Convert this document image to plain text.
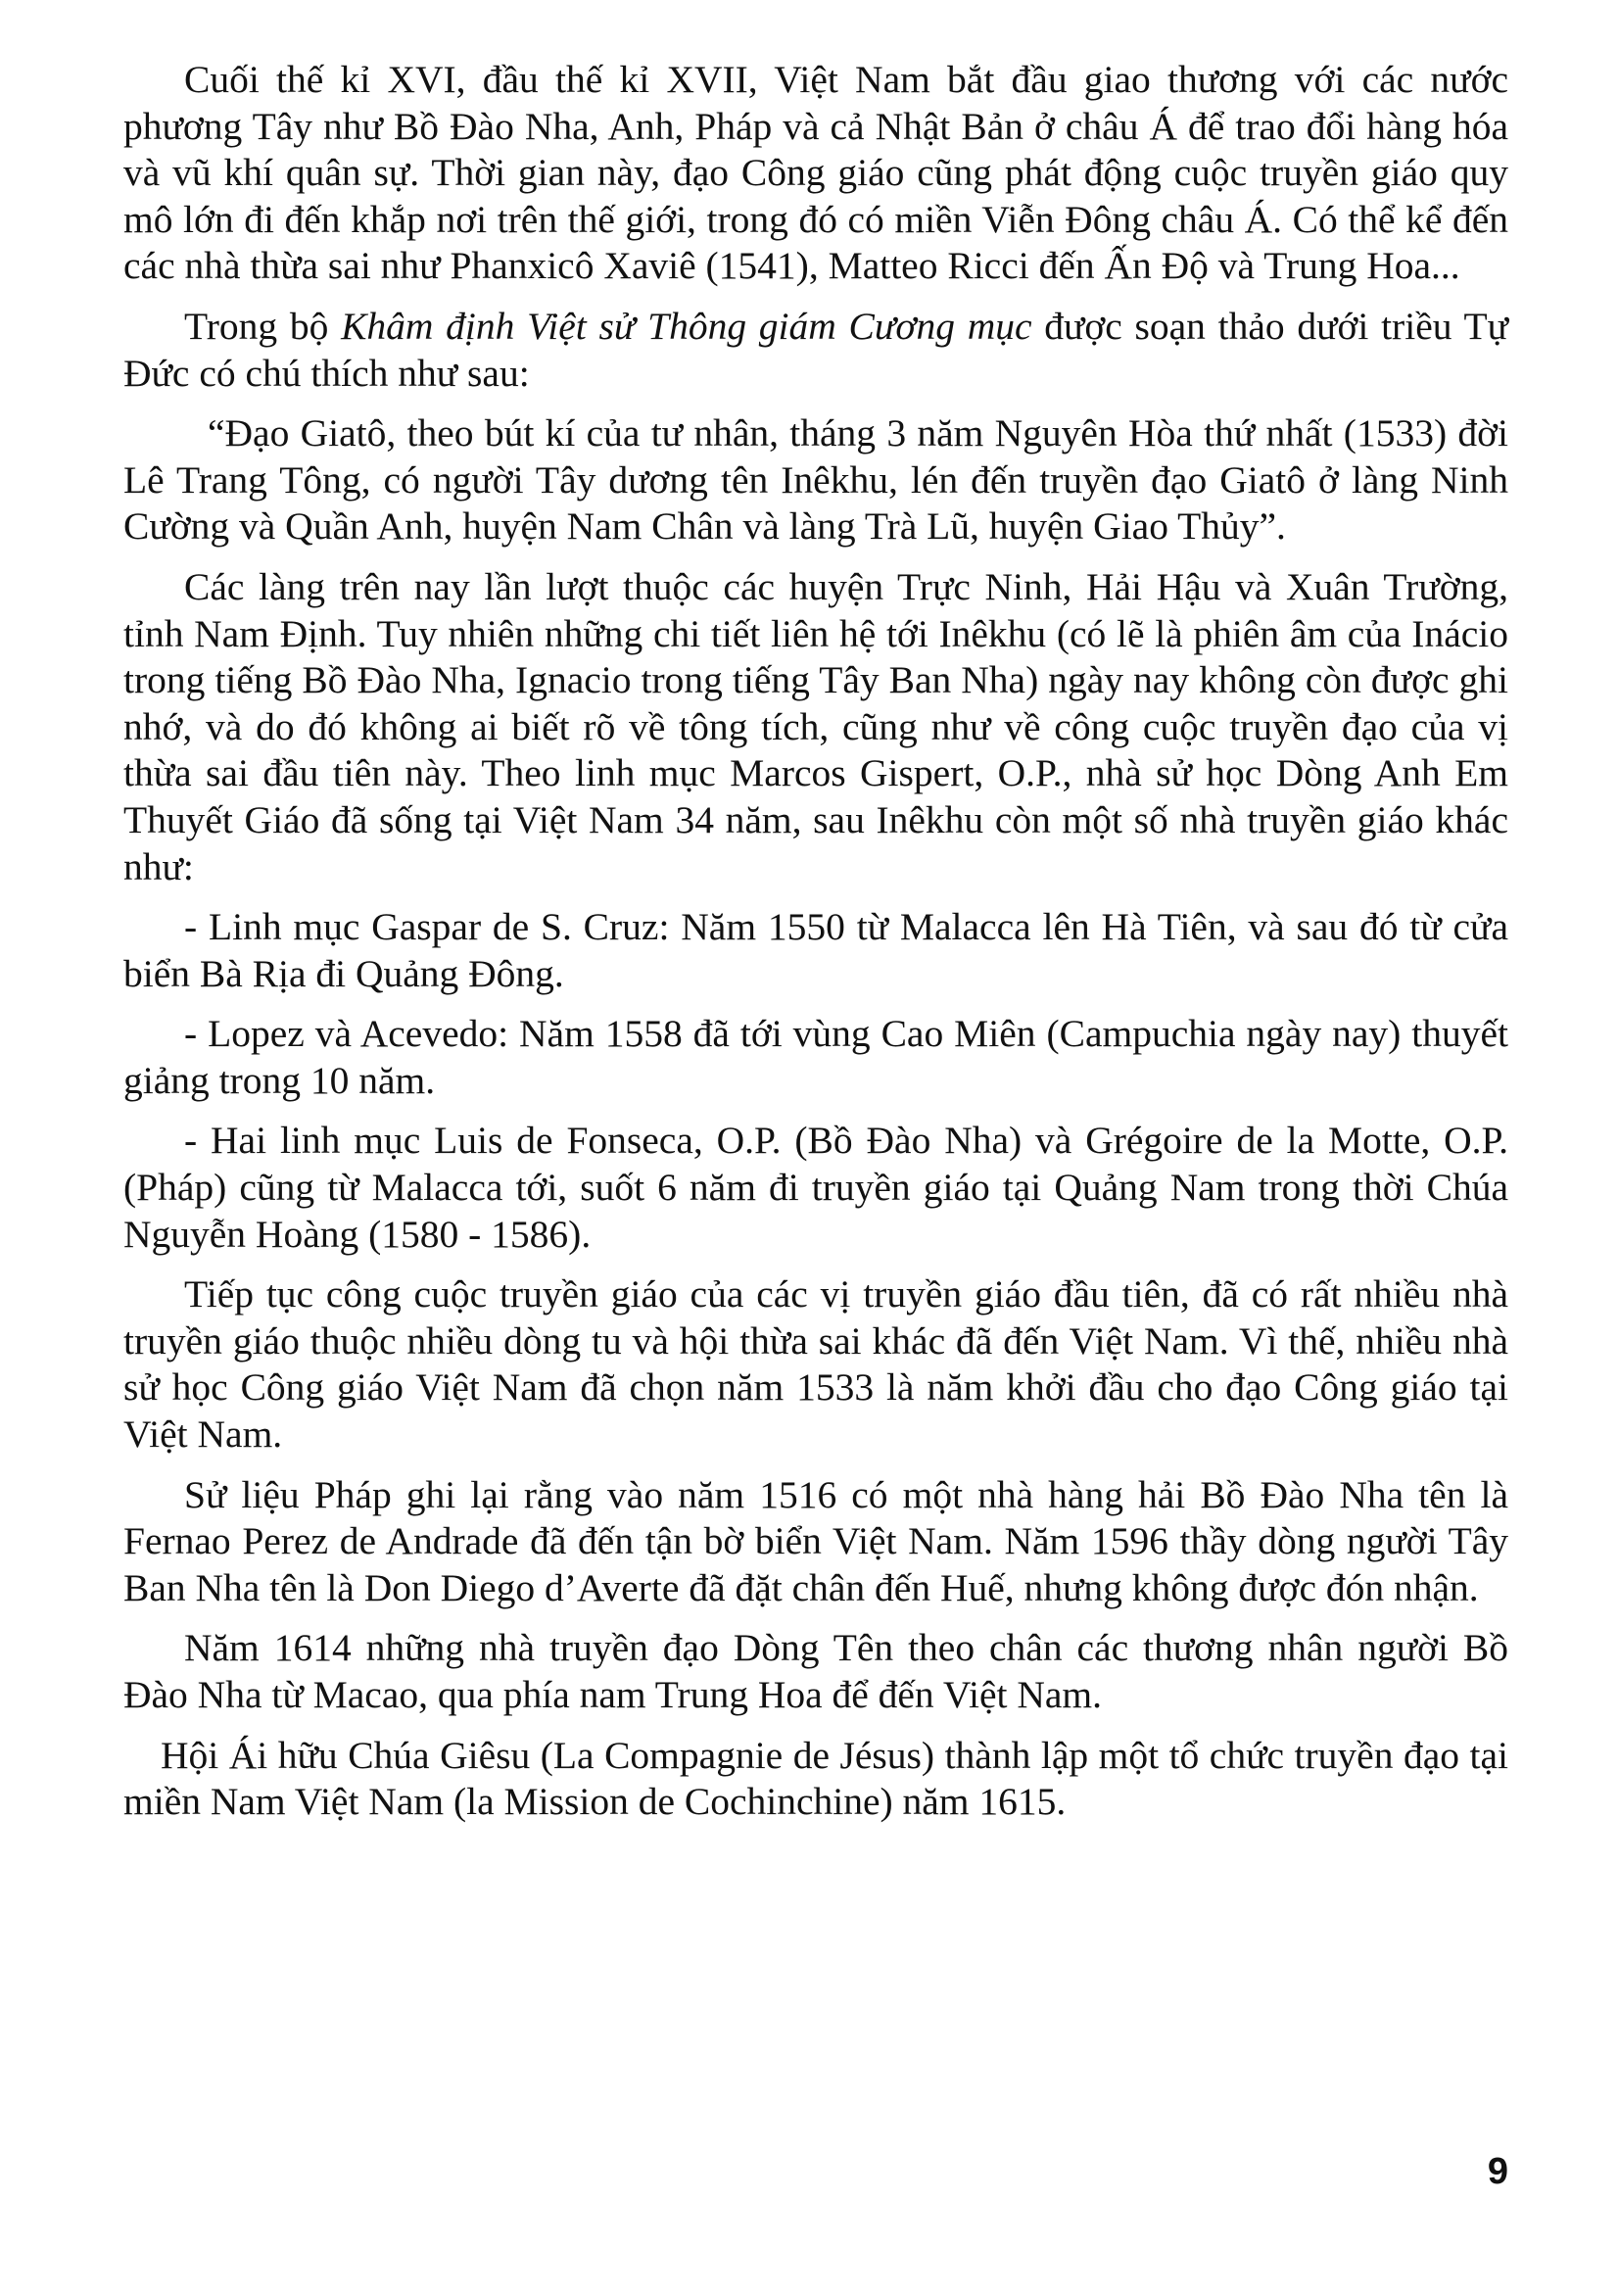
Cuối thế kỉ XVI, đầu thế kỉ XVII, Việt Nam bắt đầu giao thương với các nước phương Tây như Bồ Đào Nha, Anh, Pháp và cả Nhật Bản ở châu Á để trao đổi hàng hóa và vũ khí quân sự. Thời gian này, đạo Công giáo cũng phát động cuộc truyền giáo quy mô lớn đi đến khắp nơi trên thế giới, trong đó có miền Viễn Đông châu Á. Có thể kể đến các nhà thừa sai như Phanxicô Xaviê (1541), Matteo Ricci đến Ấn Độ và Trung Hoa...

Trong bộ Khâm định Việt sử Thông giám Cương mục được soạn thảo dưới triều Tự Đức có chú thích như sau:

“Đạo Giatô, theo bút kí của tư nhân, tháng 3 năm Nguyên Hòa thứ nhất (1533) đời Lê Trang Tông, có người Tây dương tên Inêkhu, lén đến truyền đạo Giatô ở làng Ninh Cường và Quần Anh, huyện Nam Chân và làng Trà Lũ, huyện Giao Thủy”.

Các làng trên nay lần lượt thuộc các huyện Trực Ninh, Hải Hậu và Xuân Trường, tỉnh Nam Định. Tuy nhiên những chi tiết liên hệ tới Inêkhu (có lẽ là phiên âm của Inácio trong tiếng Bồ Đào Nha, Ignacio trong tiếng Tây Ban Nha) ngày nay không còn được ghi nhớ, và do đó không ai biết rõ về tông tích, cũng như về công cuộc truyền đạo của vị thừa sai đầu tiên này. Theo linh mục Marcos Gispert, O.P., nhà sử học Dòng Anh Em Thuyết Giáo đã sống tại Việt Nam 34 năm, sau Inêkhu còn một số nhà truyền giáo khác như:

- Linh mục Gaspar de S. Cruz: Năm 1550 từ Malacca lên Hà Tiên, và sau đó từ cửa biển Bà Rịa đi Quảng Đông.

- Lopez và Acevedo: Năm 1558 đã tới vùng Cao Miên (Campuchia ngày nay) thuyết giảng trong 10 năm.

- Hai linh mục Luis de Fonseca, O.P. (Bồ Đào Nha) và Grégoire de la Motte, O.P. (Pháp) cũng từ Malacca tới, suốt 6 năm đi truyền giáo tại Quảng Nam trong thời Chúa Nguyễn Hoàng (1580 - 1586).

Tiếp tục công cuộc truyền giáo của các vị truyền giáo đầu tiên, đã có rất nhiều nhà truyền giáo thuộc nhiều dòng tu và hội thừa sai khác đã đến Việt Nam. Vì thế, nhiều nhà sử học Công giáo Việt Nam đã chọn năm 1533 là năm khởi đầu cho đạo Công giáo tại Việt Nam.

Sử liệu Pháp ghi lại rằng vào năm 1516 có một nhà hàng hải Bồ Đào Nha tên là Fernao Perez de Andrade đã đến tận bờ biển Việt Nam. Năm 1596 thầy dòng người Tây Ban Nha tên là Don Diego d’Averte đã đặt chân đến Huế, nhưng không được đón nhận.

Năm 1614 những nhà truyền đạo Dòng Tên theo chân các thương nhân người Bồ Đào Nha từ Macao, qua phía nam Trung Hoa để đến Việt Nam.

Hội Ái hữu Chúa Giêsu (La Compagnie de Jésus) thành lập một tổ chức truyền đạo tại miền Nam Việt Nam (la Mission de Cochinchine) năm 1615.

9
